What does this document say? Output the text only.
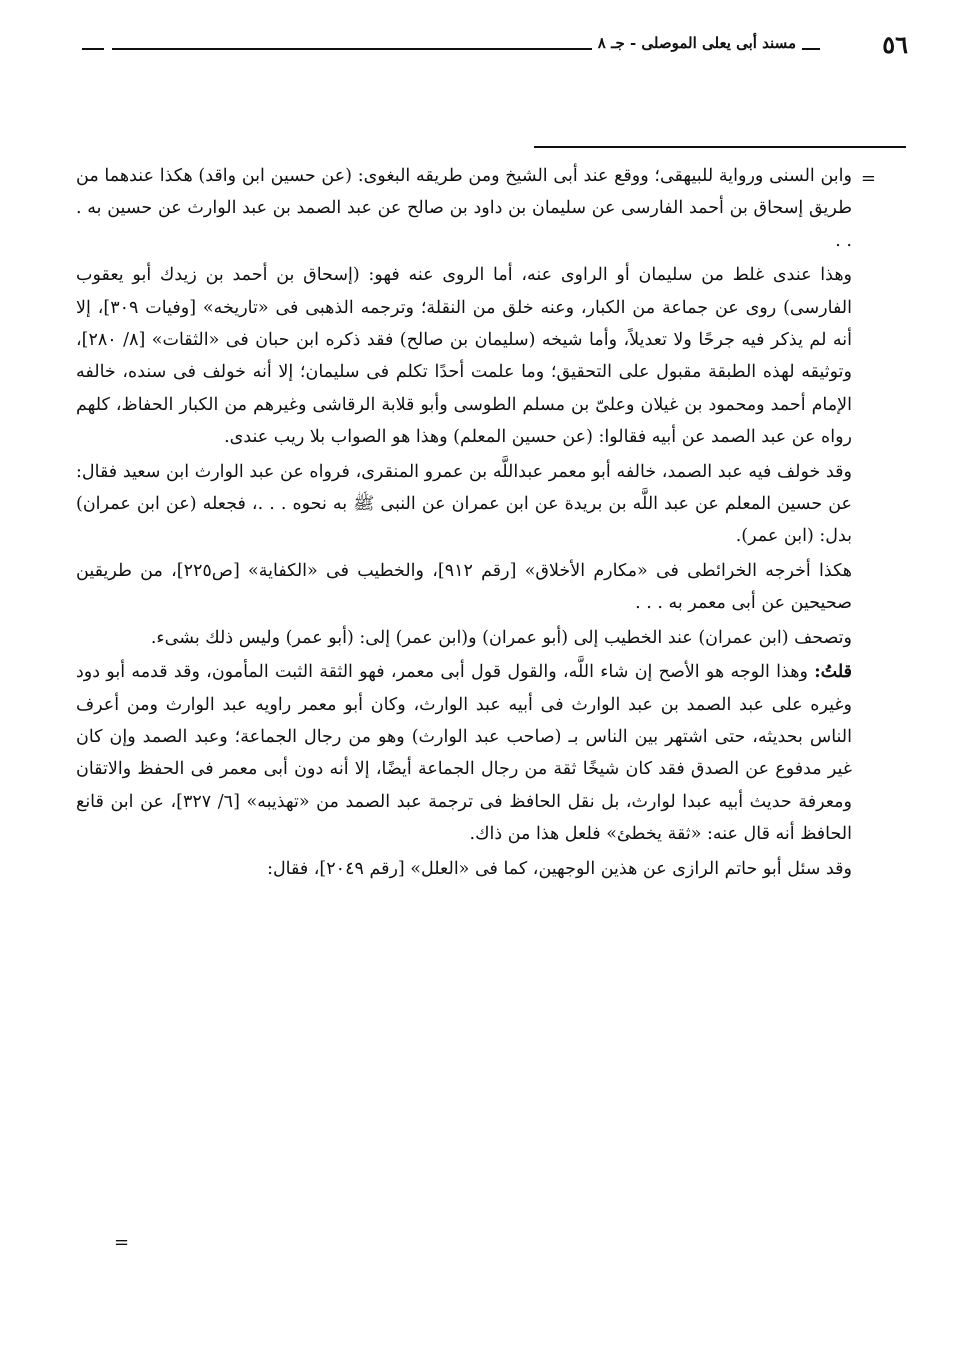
٥٦
مسند أبى يعلى الموصلى - جـ ٨
=

وابن السنى ورواية للبيهقى؛ ووقع عند أبى الشيخ ومن طريقه البغوى: (عن حسين ابن واقد) هكذا عندهما من طريق إسحاق بن أحمد الفارسى عن سليمان بن داود بن صالح عن عبد الصمد بن عبد الوارث عن حسين به . . .

وهذا عندى غلط من سليمان أو الراوى عنه، أما الروى عنه فهو: (إسحاق بن أحمد بن زيدك أبو يعقوب الفارسى) روى عن جماعة من الكبار، وعنه خلق من النقلة؛ وترجمه الذهبى فى «تاريخه» [وفيات ٣٠٩]، إلا أنه لم يذكر فيه جرحًا ولا تعديلاً، وأما شيخه (سليمان بن صالح) فقد ذكره ابن حبان فى «الثقات» [٨/ ٢٨٠]، وتوثيقه لهذه الطبقة مقبول على التحقيق؛ وما علمت أحدًا تكلم فى سليمان؛ إلا أنه خولف فى سنده، خالفه الإمام أحمد ومحمود بن غيلان وعلىّ بن مسلم الطوسى وأبو قلابة الرقاشى وغيرهم من الكبار الحفاظ، كلهم رواه عن عبد الصمد عن أبيه فقالوا: (عن حسين المعلم) وهذا هو الصواب بلا ريب عندى.

وقد خولف فيه عبد الصمد، خالفه أبو معمر عبداللَّه بن عمرو المنقرى، فرواه عن عبد الوارث ابن سعيد فقال: عن حسين المعلم عن عبد اللَّه بن بريدة عن ابن عمران عن النبى ﷺ به نحوه . . .، فجعله (عن ابن عمران) بدل: (ابن عمر).

هكذا أخرجه الخرائطى فى «مكارم الأخلاق» [رقم ٩١٢]، والخطيب فى «الكفاية» [ص٢٢٥]، من طريقين صحيحين عن أبى معمر به . . .

وتصحف (ابن عمران) عند الخطيب إلى (أبو عمران) و(ابن عمر) إلى: (أبو عمر) وليس ذلك بشىء.

قلتُ: وهذا الوجه هو الأصح إن شاء اللَّه، والقول قول أبى معمر، فهو الثقة الثبت المأمون، وقد قدمه أبو دود وغيره على عبد الصمد بن عبد الوارث فى أبيه عبد الوارث، وكان أبو معمر راويه عبد الوارث ومن أعرف الناس بحديثه، حتى اشتهر بين الناس بـ (صاحب عبد الوارث) وهو من رجال الجماعة؛ وعبد الصمد وإن كان غير مدفوع عن الصدق فقد كان شيخًا ثقة من رجال الجماعة أيضًا، إلا أنه دون أبى معمر فى الحفظ والاتقان ومعرفة حديث أبيه عبدا لوارث، بل نقل الحافظ فى ترجمة عبد الصمد من «تهذيبه» [٦/ ٣٢٧]، عن ابن قانع الحافظ أنه قال عنه: «ثقة يخطئ» فلعل هذا من ذاك.

وقد سئل أبو حاتم الرازى عن هذين الوجهين، كما فى «العلل» [رقم ٢٠٤٩]، فقال:

=
